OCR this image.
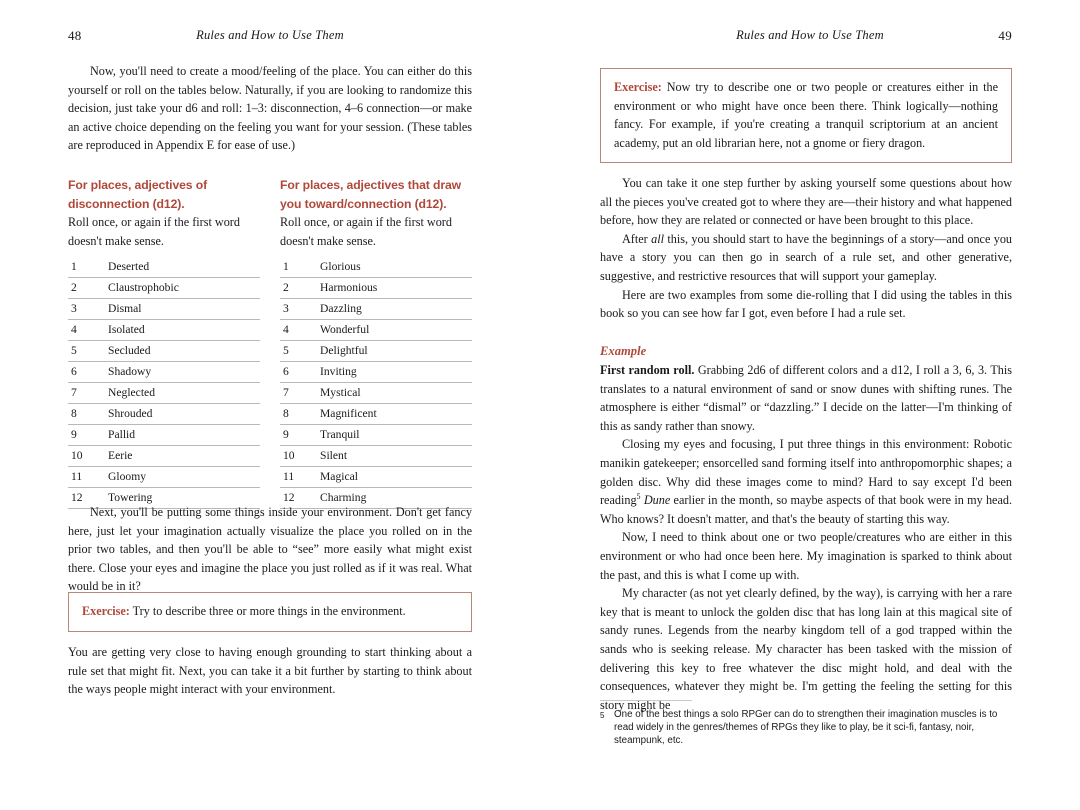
48	Rules and How to Use Them

Now, you'll need to create a mood/feeling of the place. You can either do this yourself or roll on the tables below. Naturally, if you are looking to randomize this decision, just take your d6 and roll: 1–3: disconnection, 4–6 connection—or make an active choice depending on the feeling you want for your session. (These tables are reproduced in Appendix E for ease of use.)

For places, adjectives of disconnection (d12).
Roll once, or again if the first word doesn't make sense.
1	Deserted
2	Claustrophobic
3	Dismal
4	Isolated
5	Secluded
6	Shadowy
7	Neglected
8	Shrouded
9	Pallid
10	Eerie
11	Gloomy
12	Towering
For places, adjectives that draw you toward/connection (d12).
Roll once, or again if the first word doesn't make sense.
1	Glorious
2	Harmonious
3	Dazzling
4	Wonderful
5	Delightful
6	Inviting
7	Mystical
8	Magnificent
9	Tranquil
10	Silent
11	Magical
12	Charming

Next, you'll be putting some things inside your environment. Don't get fancy here, just let your imagination actually visualize the place you rolled on in the prior two tables, and then you'll be able to “see” more easily what might exist there. Close your eyes and imagine the place you just rolled as if it was real. What would be in it?

Exercise: Try to describe three or more things in the environment.

You are getting very close to having enough grounding to start thinking about a rule set that might fit. Next, you can take it a bit further by starting to think about the ways people might interact with your environment.

49
Rules and How to Use Them
Exercise: Now try to describe one or two people or creatures either in the environment or who might have once been there. Think logically—nothing fancy. For example, if you're creating a tranquil scriptorium at an ancient academy, put an old librarian here, not a gnome or fiery dragon.

You can take it one step further by asking yourself some questions about how all the pieces you've created got to where they are—their history and what happened before, how they are related or connected or have been brought to this place.

After all this, you should start to have the beginnings of a story—and once you have a story you can then go in search of a rule set, and other generative, suggestive, and restrictive resources that will support your gameplay.

Here are two examples from some die-rolling that I did using the tables in this book so you can see how far I got, even before I had a rule set.

Example

First random roll. Grabbing 2d6 of different colors and a d12, I roll a 3, 6, 3. This translates to a natural environment of sand or snow dunes with shifting runes. The atmosphere is either “dismal” or “dazzling.” I decide on the latter—I'm thinking of this as sandy rather than snowy.

Closing my eyes and focusing, I put three things in this environment: Robotic manikin gatekeeper; ensorcelled sand forming itself into anthropomorphic shapes; a golden disc. Why did these images come to mind? Hard to say except I'd been reading$^5$ Dune earlier in the month, so maybe aspects of that book were in my head. Who knows? It doesn't matter, and that's the beauty of starting this way.

Now, I need to think about one or two people/creatures who are either in this environment or who had once been here. My imagination is sparked to think about the past, and this is what I come up with.

My character (as not yet clearly defined, by the way), is carrying with her a rare key that is meant to unlock the golden disc that has long lain at this magical site of sandy runes. Legends from the nearby kingdom tell of a god trapped within the sands who is seeking release. My character has been tasked with the mission of delivering this key to free whatever the disc might hold, and deal with the consequences, whatever they might be. I'm getting the feeling the setting for this story might be

5 One of the best things a solo RPGer can do to strengthen their imagination muscles is to read widely in the genres/themes of RPGs they like to play, be it sci-fi, fantasy, noir, steampunk, etc.
